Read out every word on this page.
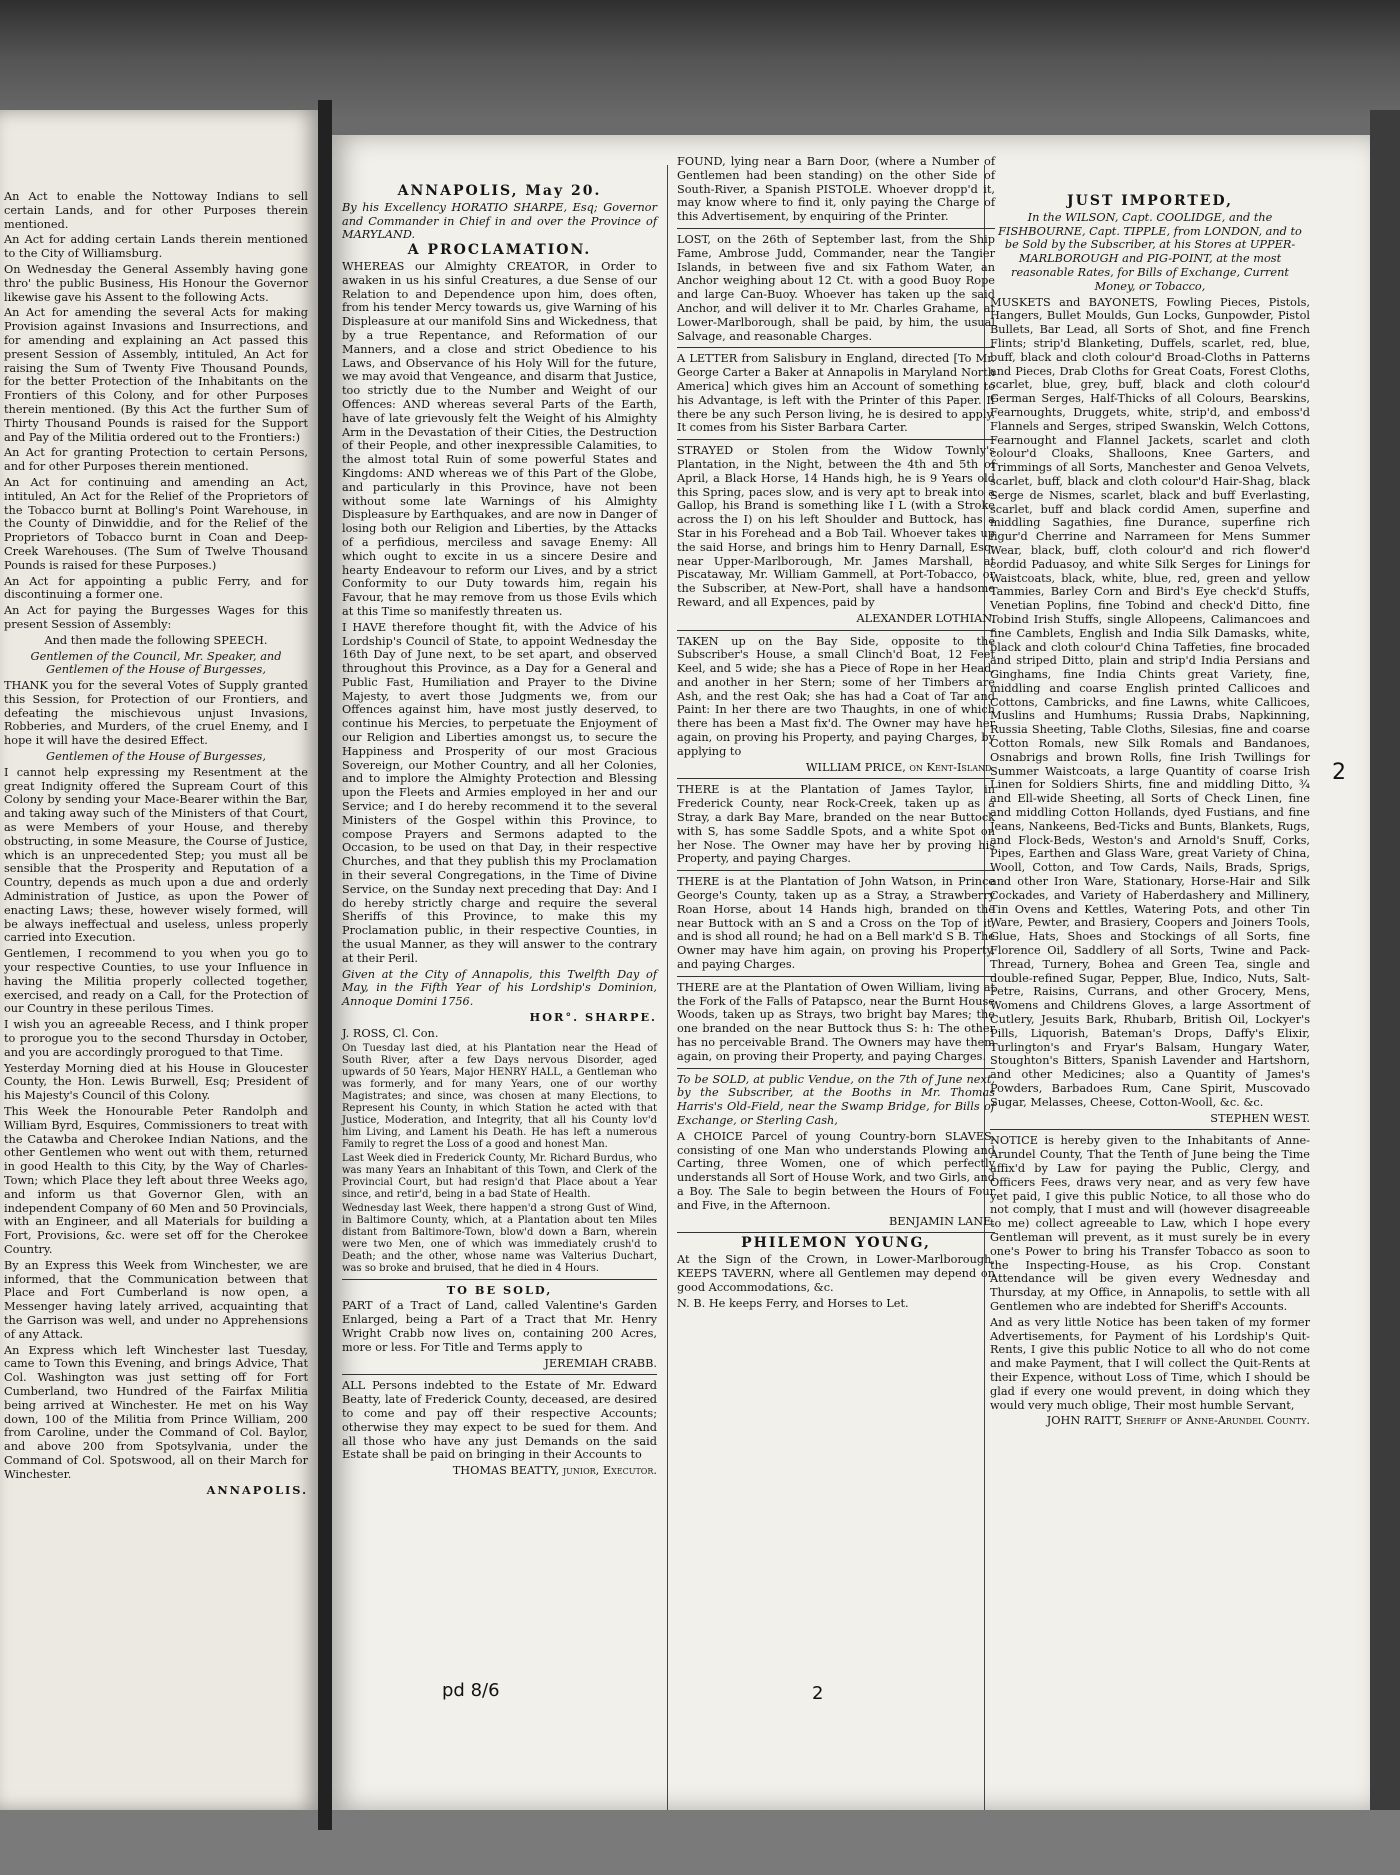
An Act to enable the Nottoway Indians to sell certain Lands, and for other Purposes therein mentioned.

An Act for adding certain Lands therein mentioned to the City of Williamsburg.

On Wednesday the General Assembly having gone thro' the public Business, His Honour the Governor likewise gave his Assent to the following Acts.

An Act for amending the several Acts for making Provision against Invasions and Insurrections, and for amending and explaining an Act passed this present Session of Assembly, intituled, An Act for raising the Sum of Twenty Five Thousand Pounds, for the better Protection of the Inhabitants on the Frontiers of this Colony, and for other Purposes therein mentioned. (By this Act the further Sum of Thirty Thousand Pounds is raised for the Support and Pay of the Militia ordered out to the Frontiers:)

An Act for granting Protection to certain Persons, and for other Purposes therein mentioned.

An Act for continuing and amending an Act, intituled, An Act for the Relief of the Proprietors of the Tobacco burnt at Bolling's Point Warehouse, in the County of Dinwiddie, and for the Relief of the Proprietors of Tobacco burnt in Coan and Deep-Creek Warehouses. (The Sum of Twelve Thousand Pounds is raised for these Purposes.)

An Act for appointing a public Ferry, and for discontinuing a former one.

An Act for paying the Burgesses Wages for this present Session of Assembly:

And then made the following SPEECH.

Gentlemen of the Council, Mr. Speaker, and Gentlemen of the House of Burgesses,

THANK you for the several Votes of Supply granted this Session, for Protection of our Frontiers, and defeating the mischievous unjust Invasions, Robberies, and Murders, of the cruel Enemy, and I hope it will have the desired Effect.

Gentlemen of the House of Burgesses,

I cannot help expressing my Resentment at the great Indignity offered the Supream Court of this Colony by sending your Mace-Bearer within the Bar, and taking away such of the Ministers of that Court, as were Members of your House, and thereby obstructing, in some Measure, the Course of Justice, which is an unprecedented Step; you must all be sensible that the Prosperity and Reputation of a Country, depends as much upon a due and orderly Administration of Justice, as upon the Power of enacting Laws; these, however wisely formed, will be always ineffectual and useless, unless properly carried into Execution.

Gentlemen, I recommend to you when you go to your respective Counties, to use your Influence in having the Militia properly collected together, exercised, and ready on a Call, for the Protection of our Country in these perilous Times.

I wish you an agreeable Recess, and I think proper to prorogue you to the second Thursday in October, and you are accordingly prorogued to that Time.

Yesterday Morning died at his House in Gloucester County, the Hon. Lewis Burwell, Esq; President of his Majesty's Council of this Colony.

This Week the Honourable Peter Randolph and William Byrd, Esquires, Commissioners to treat with the Catawba and Cherokee Indian Nations, and the other Gentlemen who went out with them, returned in good Health to this City, by the Way of Charles-Town; which Place they left about three Weeks ago, and inform us that Governor Glen, with an independent Company of 60 Men and 50 Provincials, with an Engineer, and all Materials for building a Fort, Provisions, &c. were set off for the Cherokee Country.

By an Express this Week from Winchester, we are informed, that the Communication between that Place and Fort Cumberland is now open, a Messenger having lately arrived, acquainting that the Garrison was well, and under no Apprehensions of any Attack.

An Express which left Winchester last Tuesday, came to Town this Evening, and brings Advice, That Col. Washington was just setting off for Fort Cumberland, two Hundred of the Fairfax Militia being arrived at Winchester. He met on his Way down, 100 of the Militia from Prince William, 200 from Caroline, under the Command of Col. Baylor, and above 200 from Spotsylvania, under the Command of Col. Spotswood, all on their March for Winchester.

ANNAPOLIS.

ANNAPOLIS, May 20.

By his Excellency HORATIO SHARPE, Esq; Governor and Commander in Chief in and over the Province of MARYLAND.

A PROCLAMATION.

WHEREAS our Almighty CREATOR, in Order to awaken in us his sinful Creatures, a due Sense of our Relation to and Dependence upon him, does often, from his tender Mercy towards us, give Warning of his Displeasure at our manifold Sins and Wickedness, that by a true Repentance, and Reformation of our Manners, and a close and strict Obedience to his Laws, and Observance of his Holy Will for the future, we may avoid that Vengeance, and disarm that Justice, too strictly due to the Number and Weight of our Offences: AND whereas several Parts of the Earth, have of late grievously felt the Weight of his Almighty Arm in the Devastation of their Cities, the Destruction of their People, and other inexpressible Calamities, to the almost total Ruin of some powerful States and Kingdoms: AND whereas we of this Part of the Globe, and particularly in this Province, have not been without some late Warnings of his Almighty Displeasure by Earthquakes, and are now in Danger of losing both our Religion and Liberties, by the Attacks of a perfidious, merciless and savage Enemy: All which ought to excite in us a sincere Desire and hearty Endeavour to reform our Lives, and by a strict Conformity to our Duty towards him, regain his Favour, that he may remove from us those Evils which at this Time so manifestly threaten us.

I HAVE therefore thought fit, with the Advice of his Lordship's Council of State, to appoint Wednesday the 16th Day of June next, to be set apart, and observed throughout this Province, as a Day for a General and Public Fast, Humiliation and Prayer to the Divine Majesty, to avert those Judgments we, from our Offences against him, have most justly deserved, to continue his Mercies, to perpetuate the Enjoyment of our Religion and Liberties amongst us, to secure the Happiness and Prosperity of our most Gracious Sovereign, our Mother Country, and all her Colonies, and to implore the Almighty Protection and Blessing upon the Fleets and Armies employed in her and our Service; and I do hereby recommend it to the several Ministers of the Gospel within this Province, to compose Prayers and Sermons adapted to the Occasion, to be used on that Day, in their respective Churches, and that they publish this my Proclamation in their several Congregations, in the Time of Divine Service, on the Sunday next preceding that Day: And I do hereby strictly charge and require the several Sheriffs of this Province, to make this my Proclamation public, in their respective Counties, in the usual Manner, as they will answer to the contrary at their Peril.

Given at the City of Annapolis, this Twelfth Day of May, in the Fifth Year of his Lordship's Dominion, Annoque Domini 1756.

HOR°. SHARPE.

J. ROSS, Cl. Con.

On Tuesday last died, at his Plantation near the Head of South River, after a few Days nervous Disorder, aged upwards of 50 Years, Major HENRY HALL, a Gentleman who was formerly, and for many Years, one of our worthy Magistrates; and since, was chosen at many Elections, to Represent his County, in which Station he acted with that Justice, Moderation, and Integrity, that all his County lov'd him Living, and Lament his Death. He has left a numerous Family to regret the Loss of a good and honest Man.

Last Week died in Frederick County, Mr. Richard Burdus, who was many Years an Inhabitant of this Town, and Clerk of the Provincial Court, but had resign'd that Place about a Year since, and retir'd, being in a bad State of Health.

Wednesday last Week, there happen'd a strong Gust of Wind, in Baltimore County, which, at a Plantation about ten Miles distant from Baltimore-Town, blow'd down a Barn, wherein were two Men, one of which was immediately crush'd to Death; and the other, whose name was Valterius Duchart, was so broke and bruised, that he died in 4 Hours.

TO BE SOLD,

PART of a Tract of Land, called Valentine's Garden Enlarged, being a Part of a Tract that Mr. Henry Wright Crabb now lives on, containing 200 Acres, more or less. For Title and Terms apply to

JEREMIAH CRABB.

ALL Persons indebted to the Estate of Mr. Edward Beatty, late of Frederick County, deceased, are desired to come and pay off their respective Accounts; otherwise they may expect to be sued for them. And all those who have any just Demands on the said Estate shall be paid on bringing in their Accounts to

THOMAS BEATTY, junior, Executor.

FOUND, lying near a Barn Door, (where a Number of Gentlemen had been standing) on the other Side of South-River, a Spanish PISTOLE. Whoever dropp'd it, may know where to find it, only paying the Charge of this Advertisement, by enquiring of the Printer.

LOST, on the 26th of September last, from the Ship Fame, Ambrose Judd, Commander, near the Tangier Islands, in between five and six Fathom Water, an Anchor weighing about 12 Ct. with a good Buoy Rope and large Can-Buoy. Whoever has taken up the said Anchor, and will deliver it to Mr. Charles Grahame, at Lower-Marlborough, shall be paid, by him, the usual Salvage, and reasonable Charges.

A LETTER from Salisbury in England, directed [To Mr. George Carter a Baker at Annapolis in Maryland North America] which gives him an Account of something to his Advantage, is left with the Printer of this Paper. If there be any such Person living, he is desired to apply. It comes from his Sister Barbara Carter.

STRAYED or Stolen from the Widow Townly's Plantation, in the Night, between the 4th and 5th of April, a Black Horse, 14 Hands high, he is 9 Years old this Spring, paces slow, and is very apt to break into a Gallop, his Brand is something like I L (with a Stroke across the I) on his left Shoulder and Buttock, has a Star in his Forehead and a Bob Tail. Whoever takes up the said Horse, and brings him to Henry Darnall, Esq; near Upper-Marlborough, Mr. James Marshall, at Piscataway, Mr. William Gammell, at Port-Tobacco, or the Subscriber, at New-Port, shall have a handsome Reward, and all Expences, paid by

ALEXANDER LOTHIAN.

TAKEN up on the Bay Side, opposite to the Subscriber's House, a small Clinch'd Boat, 12 Feet Keel, and 5 wide; she has a Piece of Rope in her Head, and another in her Stern; some of her Timbers are Ash, and the rest Oak; she has had a Coat of Tar and Paint: In her there are two Thaughts, in one of which there has been a Mast fix'd. The Owner may have her again, on proving his Property, and paying Charges, by applying to

WILLIAM PRICE, on Kent-Island.

THERE is at the Plantation of James Taylor, in Frederick County, near Rock-Creek, taken up as a Stray, a dark Bay Mare, branded on the near Buttock with S, has some Saddle Spots, and a white Spot on her Nose. The Owner may have her by proving his Property, and paying Charges.

THERE is at the Plantation of John Watson, in Prince George's County, taken up as a Stray, a Strawberry Roan Horse, about 14 Hands high, branded on the near Buttock with an S and a Cross on the Top of it, and is shod all round; he had on a Bell mark'd S B. The Owner may have him again, on proving his Property, and paying Charges.

THERE are at the Plantation of Owen William, living at the Fork of the Falls of Patapsco, near the Burnt House Woods, taken up as Strays, two bright bay Mares; the one branded on the near Buttock thus S: h: The other has no perceivable Brand. The Owners may have them again, on proving their Property, and paying Charges.

To be SOLD, at public Vendue, on the 7th of June next, by the Subscriber, at the Booths in Mr. Thomas Harris's Old-Field, near the Swamp Bridge, for Bills of Exchange, or Sterling Cash,

A CHOICE Parcel of young Country-born SLAVES, consisting of one Man who understands Plowing and Carting, three Women, one of which perfectly understands all Sort of House Work, and two Girls, and a Boy. The Sale to begin between the Hours of Four and Five, in the Afternoon.

BENJAMIN LANE.

PHILEMON YOUNG,

At the Sign of the Crown, in Lower-Marlborough, KEEPS TAVERN, where all Gentlemen may depend on good Accommodations, &c.

N. B. He keeps Ferry, and Horses to Let.

JUST IMPORTED,

In the WILSON, Capt. COOLIDGE, and the FISHBOURNE, Capt. TIPPLE, from LONDON, and to be Sold by the Subscriber, at his Stores at UPPER-MARLBOROUGH and PIG-POINT, at the most reasonable Rates, for Bills of Exchange, Current Money, or Tobacco,

MUSKETS and BAYONETS, Fowling Pieces, Pistols, Hangers, Bullet Moulds, Gun Locks, Gunpowder, Pistol Bullets, Bar Lead, all Sorts of Shot, and fine French Flints; strip'd Blanketing, Duffels, scarlet, red, blue, buff, black and cloth colour'd Broad-Cloths in Patterns and Pieces, Drab Cloths for Great Coats, Forest Cloths, scarlet, blue, grey, buff, black and cloth colour'd German Serges, Half-Thicks of all Colours, Bearskins, Fearnoughts, Druggets, white, strip'd, and emboss'd Flannels and Serges, striped Swanskin, Welch Cottons, Fearnought and Flannel Jackets, scarlet and cloth colour'd Cloaks, Shalloons, Knee Garters, and Trimmings of all Sorts, Manchester and Genoa Velvets, scarlet, buff, black and cloth colour'd Hair-Shag, black Serge de Nismes, scarlet, black and buff Everlasting, scarlet, buff and black cordid Amen, superfine and middling Sagathies, fine Durance, superfine rich figur'd Cherrine and Narrameen for Mens Summer Wear, black, buff, cloth colour'd and rich flower'd cordid Paduasoy, and white Silk Serges for Linings for Waistcoats, black, white, blue, red, green and yellow Tammies, Barley Corn and Bird's Eye check'd Stuffs, Venetian Poplins, fine Tobind and check'd Ditto, fine Tobind Irish Stuffs, single Allopeens, Calimancoes and fine Camblets, English and India Silk Damasks, white, black and cloth colour'd China Taffeties, fine brocaded and striped Ditto, plain and strip'd India Persians and Ginghams, fine India Chints great Variety, fine, middling and coarse English printed Callicoes and Cottons, Cambricks, and fine Lawns, white Callicoes, Muslins and Humhums; Russia Drabs, Napkinning, Russia Sheeting, Table Cloths, Silesias, fine and coarse Cotton Romals, new Silk Romals and Bandanoes, Osnabrigs and brown Rolls, fine Irish Twillings for Summer Waistcoats, a large Quantity of coarse Irish Linen for Soldiers Shirts, fine and middling Ditto, ¾ and Ell-wide Sheeting, all Sorts of Check Linen, fine and middling Cotton Hollands, dyed Fustians, and fine Jeans, Nankeens, Bed-Ticks and Bunts, Blankets, Rugs, and Flock-Beds, Weston's and Arnold's Snuff, Corks, Pipes, Earthen and Glass Ware, great Variety of China, Wooll, Cotton, and Tow Cards, Nails, Brads, Sprigs, and other Iron Ware, Stationary, Horse-Hair and Silk Cockades, and Variety of Haberdashery and Millinery, Tin Ovens and Kettles, Watering Pots, and other Tin Ware, Pewter, and Brasiery, Coopers and Joiners Tools, Glue, Hats, Shoes and Stockings of all Sorts, fine Florence Oil, Saddlery of all Sorts, Twine and Pack-Thread, Turnery, Bohea and Green Tea, single and double-refined Sugar, Pepper, Blue, Indico, Nuts, Salt-Petre, Raisins, Currans, and other Grocery, Mens, Womens and Childrens Gloves, a large Assortment of Cutlery, Jesuits Bark, Rhubarb, British Oil, Lockyer's Pills, Liquorish, Bateman's Drops, Daffy's Elixir, Turlington's and Fryar's Balsam, Hungary Water, Stoughton's Bitters, Spanish Lavender and Hartshorn, and other Medicines; also a Quantity of James's Powders, Barbadoes Rum, Cane Spirit, Muscovado Sugar, Melasses, Cheese, Cotton-Wooll, &c. &c.

STEPHEN WEST.

NOTICE is hereby given to the Inhabitants of Anne-Arundel County, That the Tenth of June being the Time affix'd by Law for paying the Public, Clergy, and Officers Fees, draws very near, and as very few have yet paid, I give this public Notice, to all those who do not comply, that I must and will (however disagreeable to me) collect agreeable to Law, which I hope every Gentleman will prevent, as it must surely be in every one's Power to bring his Transfer Tobacco as soon to the Inspecting-House, as his Crop. Constant Attendance will be given every Wednesday and Thursday, at my Office, in Annapolis, to settle with all Gentlemen who are indebted for Sheriff's Accounts.

And as very little Notice has been taken of my former Advertisements, for Payment of his Lordship's Quit-Rents, I give this public Notice to all who do not come and make Payment, that I will collect the Quit-Rents at their Expence, without Loss of Time, which I should be glad if every one would prevent, in doing which they would very much oblige, Their most humble Servant,

JOHN RAITT, Sheriff of Anne-Arundel County.

2
pd 8/6	2
